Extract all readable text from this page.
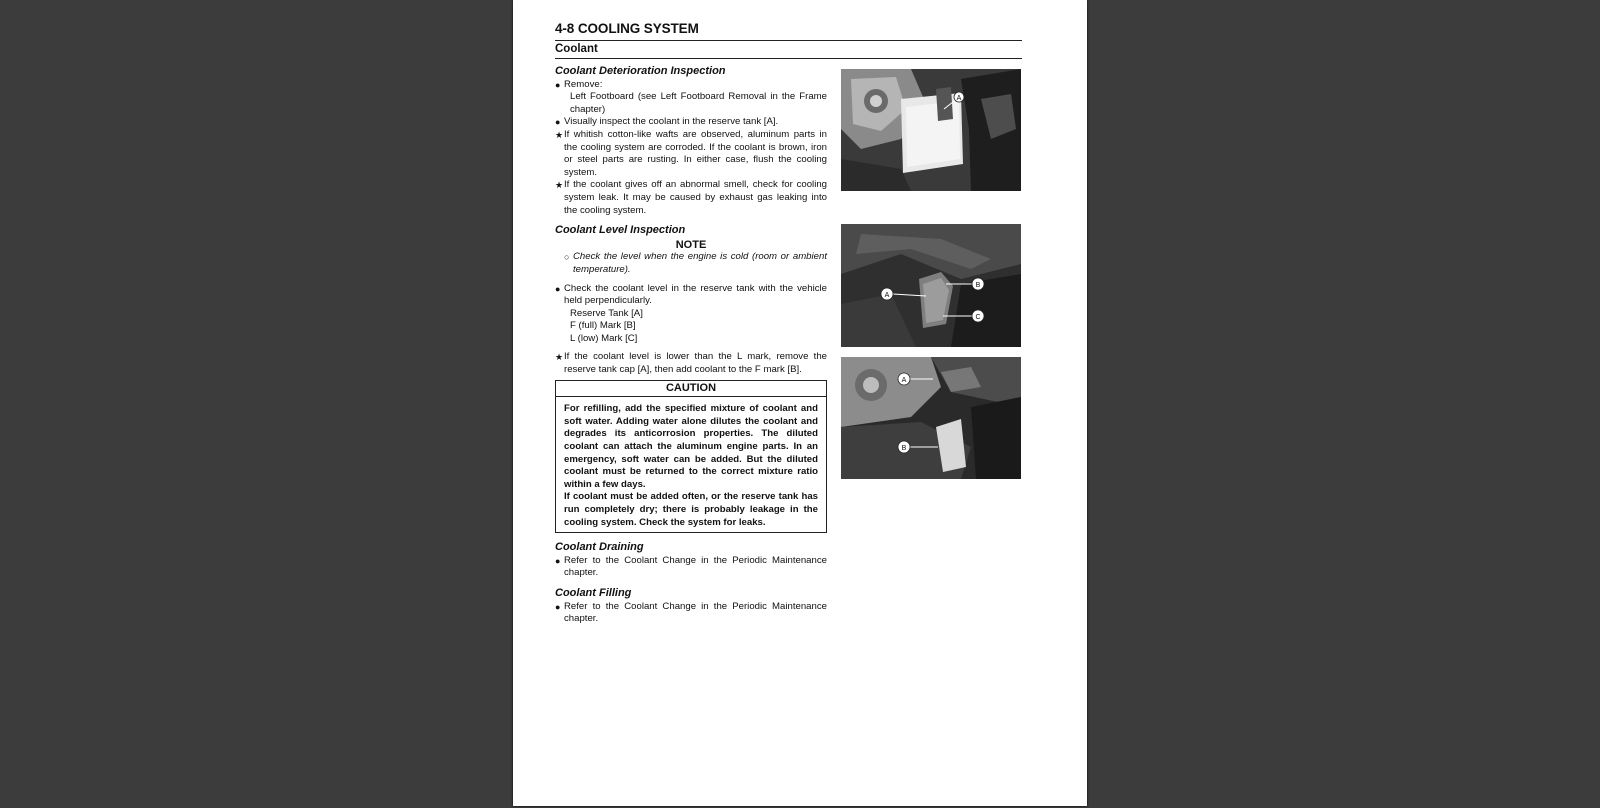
4-8 COOLING SYSTEM
Coolant
Coolant Deterioration Inspection
● Remove:
Left Footboard (see Left Footboard Removal in the Frame chapter)
● Visually inspect the coolant in the reserve tank [A].
★ If whitish cotton-like wafts are observed, aluminum parts in the cooling system are corroded. If the coolant is brown, iron or steel parts are rusting. In either case, flush the cooling system.
★ If the coolant gives off an abnormal smell, check for cooling system leak. It may be caused by exhaust gas leaking into the cooling system.
Coolant Level Inspection
NOTE
○ Check the level when the engine is cold (room or ambient temperature).
● Check the coolant level in the reserve tank with the vehicle held perpendicularly.
Reserve Tank [A]
F (full) Mark [B]
L (low) Mark [C]
★ If the coolant level is lower than the L mark, remove the reserve tank cap [A], then add coolant to the F mark [B].
CAUTION
For refilling, add the specified mixture of coolant and soft water. Adding water alone dilutes the coolant and degrades its anticorrosion properties. The diluted coolant can attach the aluminum engine parts. In an emergency, soft water can be added. But the diluted coolant must be returned to the correct mixture ratio within a few days.
If coolant must be added often, or the reserve tank has run completely dry; there is probably leakage in the cooling system. Check the system for leaks.
Coolant Draining
● Refer to the Coolant Change in the Periodic Maintenance chapter.
Coolant Filling
● Refer to the Coolant Change in the Periodic Maintenance chapter.
A
B
C
A
A
B
